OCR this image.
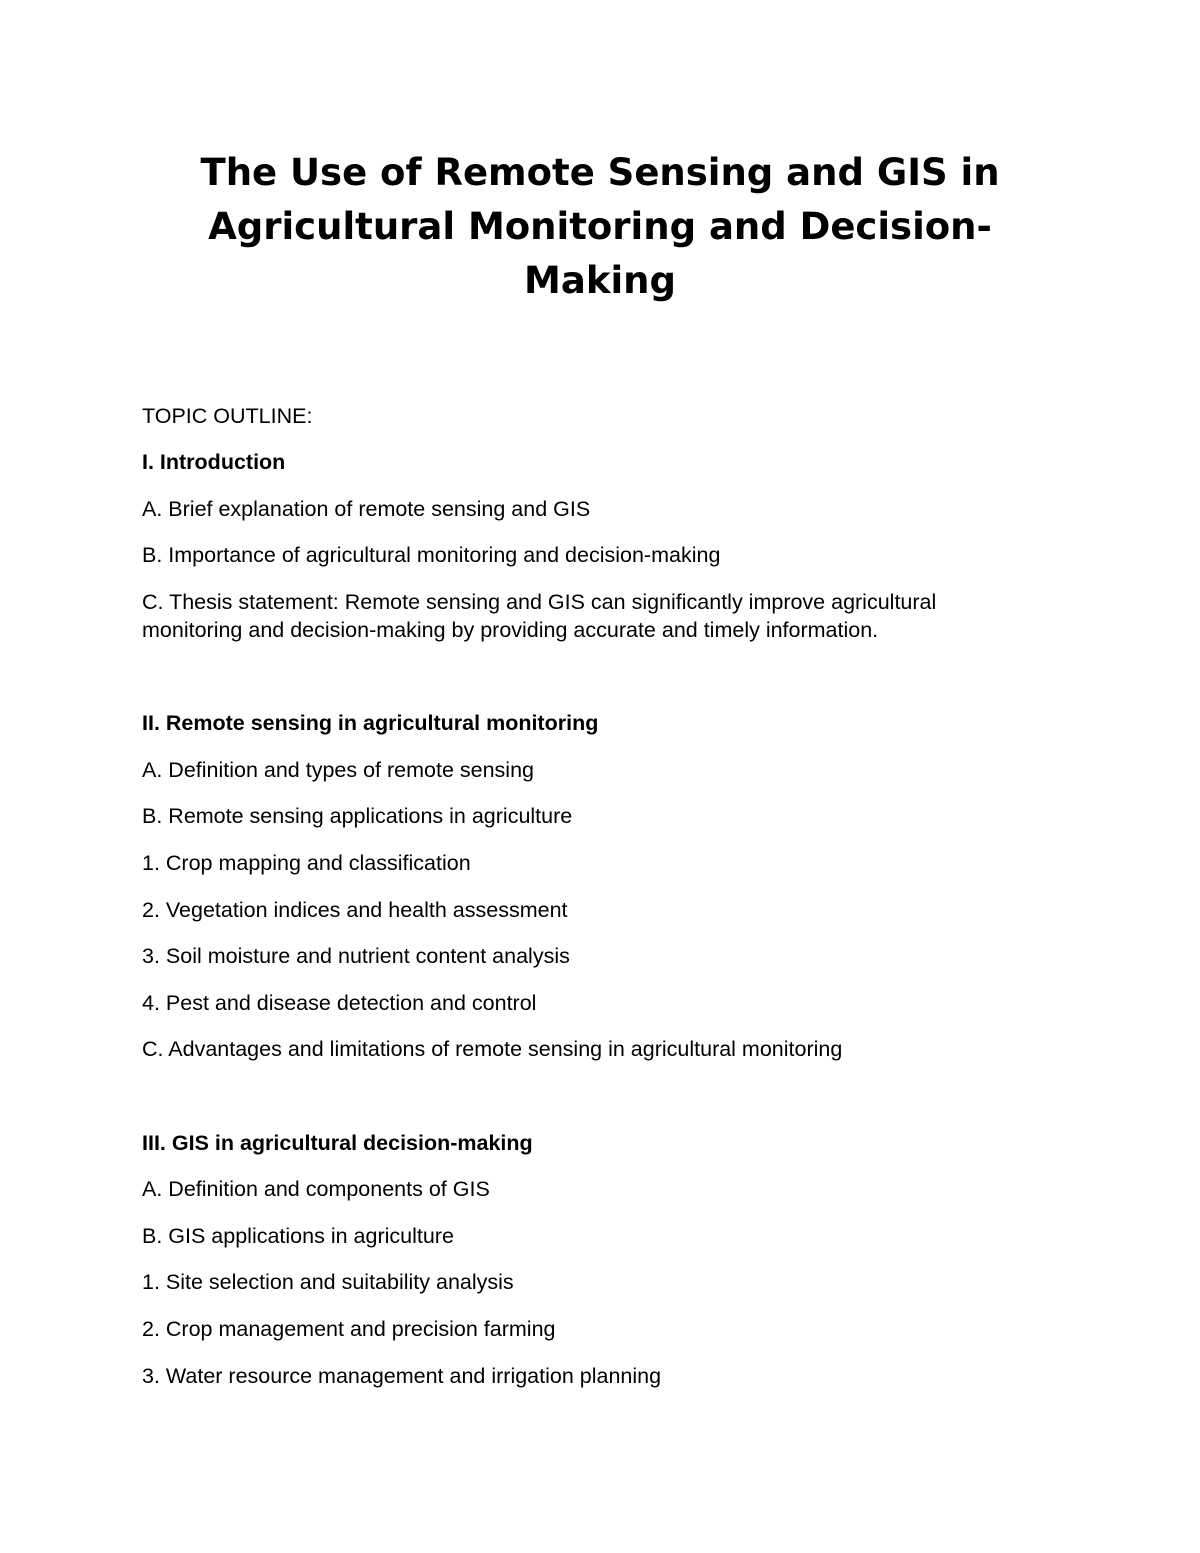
The Use of Remote Sensing and GIS in
Agricultural Monitoring and Decision-
Making

TOPIC OUTLINE:

I. Introduction

A. Brief explanation of remote sensing and GIS

B. Importance of agricultural monitoring and decision-making

C. Thesis statement: Remote sensing and GIS can significantly improve agricultural

monitoring and decision-making by providing accurate and timely information.

II. Remote sensing in agricultural monitoring

A. Definition and types of remote sensing

B. Remote sensing applications in agriculture

1. Crop mapping and classification

2. Vegetation indices and health assessment

3. Soil moisture and nutrient content analysis

4. Pest and disease detection and control

C. Advantages and limitations of remote sensing in agricultural monitoring

III. GIS in agricultural decision-making

A. Definition and components of GIS

B. GIS applications in agriculture

1. Site selection and suitability analysis

2. Crop management and precision farming

3. Water resource management and irrigation planning
